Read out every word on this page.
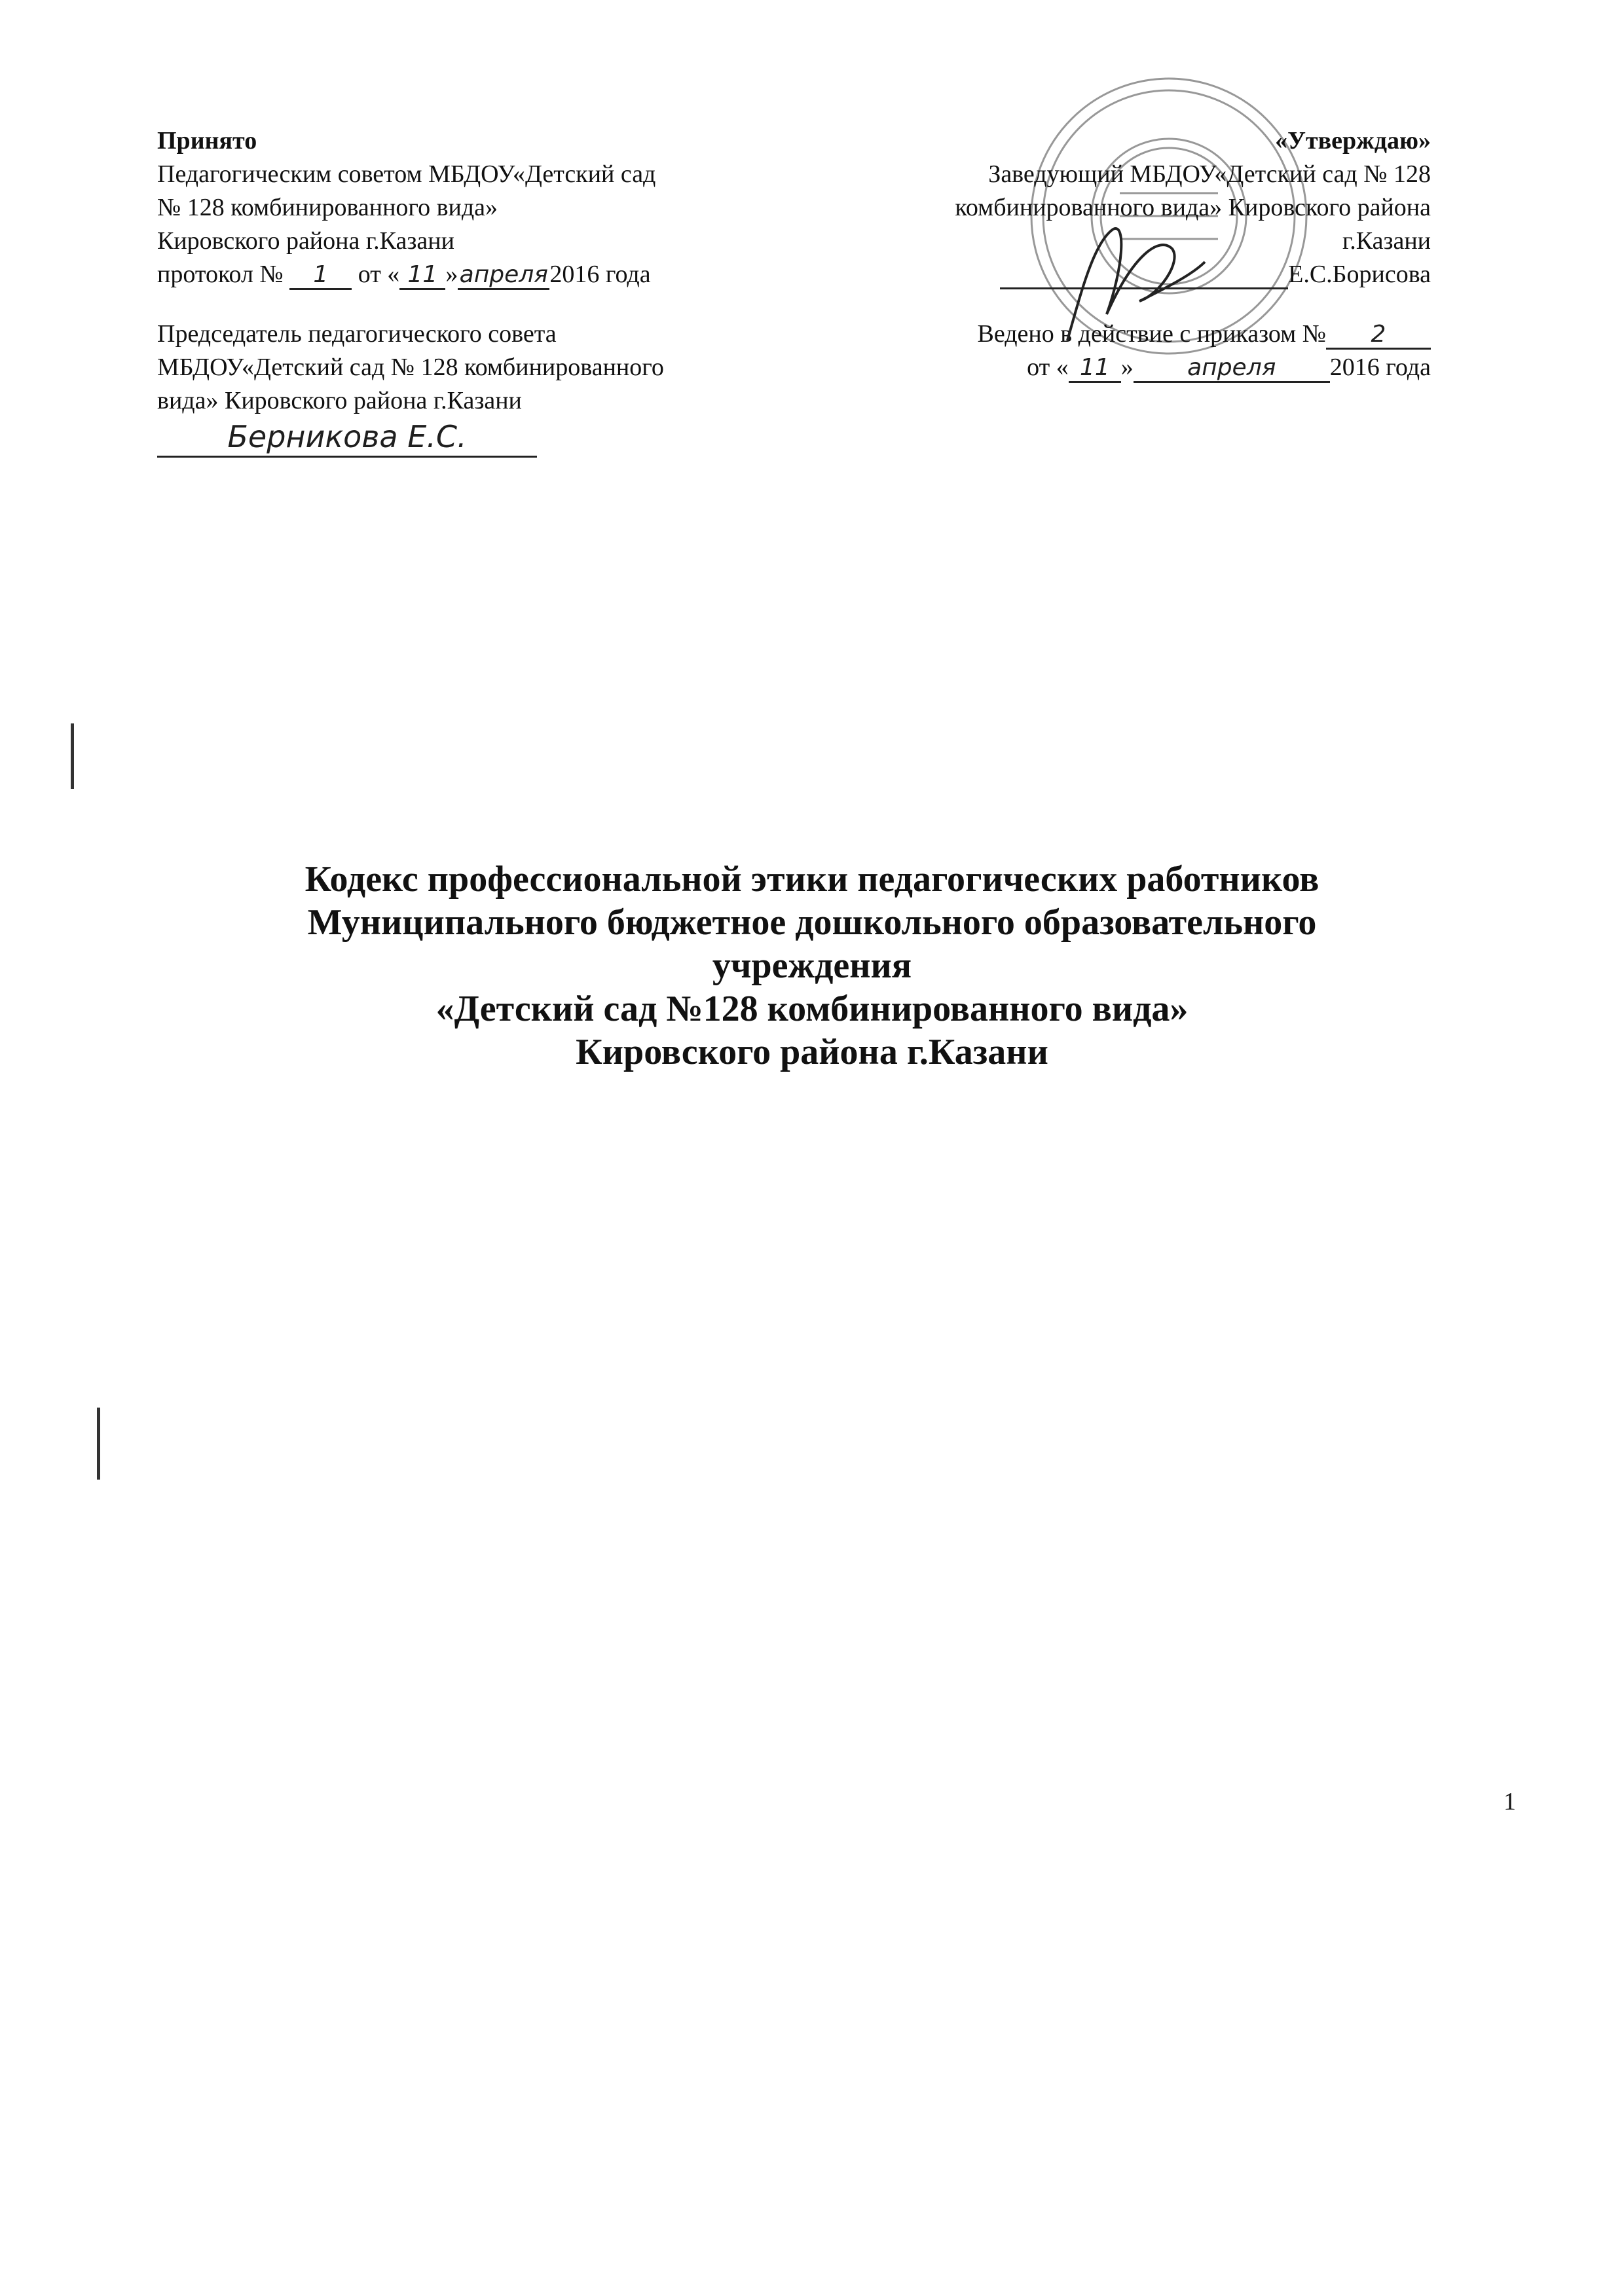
Принято
Педагогическим советом МБДОУ«Детский сад
№ 128 комбинированного вида»
Кировского района г.Казани
протокол № 1 от « 11 »апреля2016 года
Председатель педагогического совета
МБДОУ«Детский сад № 128 комбинированного
вида» Кировского района г.Казани
Берникова Е.С.
«Утверждаю»
Заведующий МБДОУ«Детский сад № 128
комбинированного вида» Кировского района
г.Казани
Е.С.Борисова
Ведено в действие с приказом № 2
от « 11 » апреля 2016 года
Кодекс профессиональной этики педагогических работников
Муниципального бюджетное дошкольного образовательного
учреждения
«Детский сад №128 комбинированного вида»
Кировского района г.Казани
1
